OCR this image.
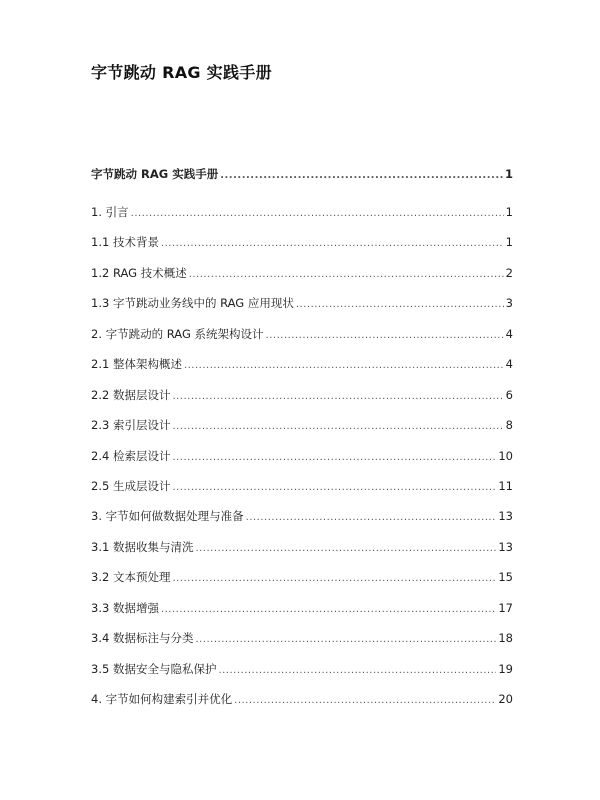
字节跳动 RAG 实践手册
字节跳动 RAG 实践手册 .....	1
1. 引言 .....	1
1.1 技术背景 .....	1
1.2 RAG 技术概述 .....	2
1.3 字节跳动业务线中的 RAG 应用现状 .....	3
2. 字节跳动的 RAG 系统架构设计 .....	4
2.1 整体架构概述 .....	4
2.2 数据层设计 .....	6
2.3 索引层设计 .....	8
2.4 检索层设计 .....	10
2.5 生成层设计 .....	11
3. 字节如何做数据处理与准备 .....	13
3.1 数据收集与清洗 .....	13
3.2 文本预处理 .....	15
3.3 数据增强 .....	17
3.4 数据标注与分类 .....	18
3.5 数据安全与隐私保护 .....	19
4. 字节如何构建索引并优化 .....	20
